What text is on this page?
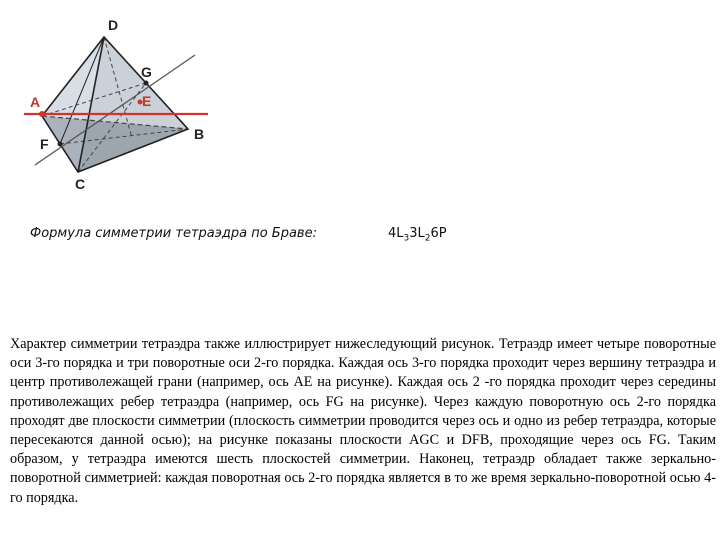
D
G
A	E
B
F
C
Формула симметрии тетраэдра по Браве:	$4L_33L_26P$

Характер симметрии тетраэдра также иллюстрирует нижеследующий рисунок. Тетраэдр имеет четыре поворотные оси 3-го порядка и три поворотные оси 2-го порядка. Каждая ось 3-го порядка проходит через вершину тетраэдра и центр противолежащей грани (например, ось АЕ на рисунке). Каждая ось 2 -го порядка проходит через середины противолежащих ребер тетраэдра (например, ось FG на рисунке). Через каждую поворотную ось 2-го порядка проходят две плоскости симметрии (плоскость симметрии проводится через ось и одно из ребер тетраэдра, которые пересекаются данной осью); на рисунке показаны плоскости AGC и DFB, проходящие через ось FG. Таким образом, у тетраэдра имеются шесть плоскостей симметрии. Наконец, тетраэдр обладает также зеркально-поворотной симметрией: каждая поворотная ось 2-го порядка является в то же время зеркально-поворотной осью 4-го порядка.
